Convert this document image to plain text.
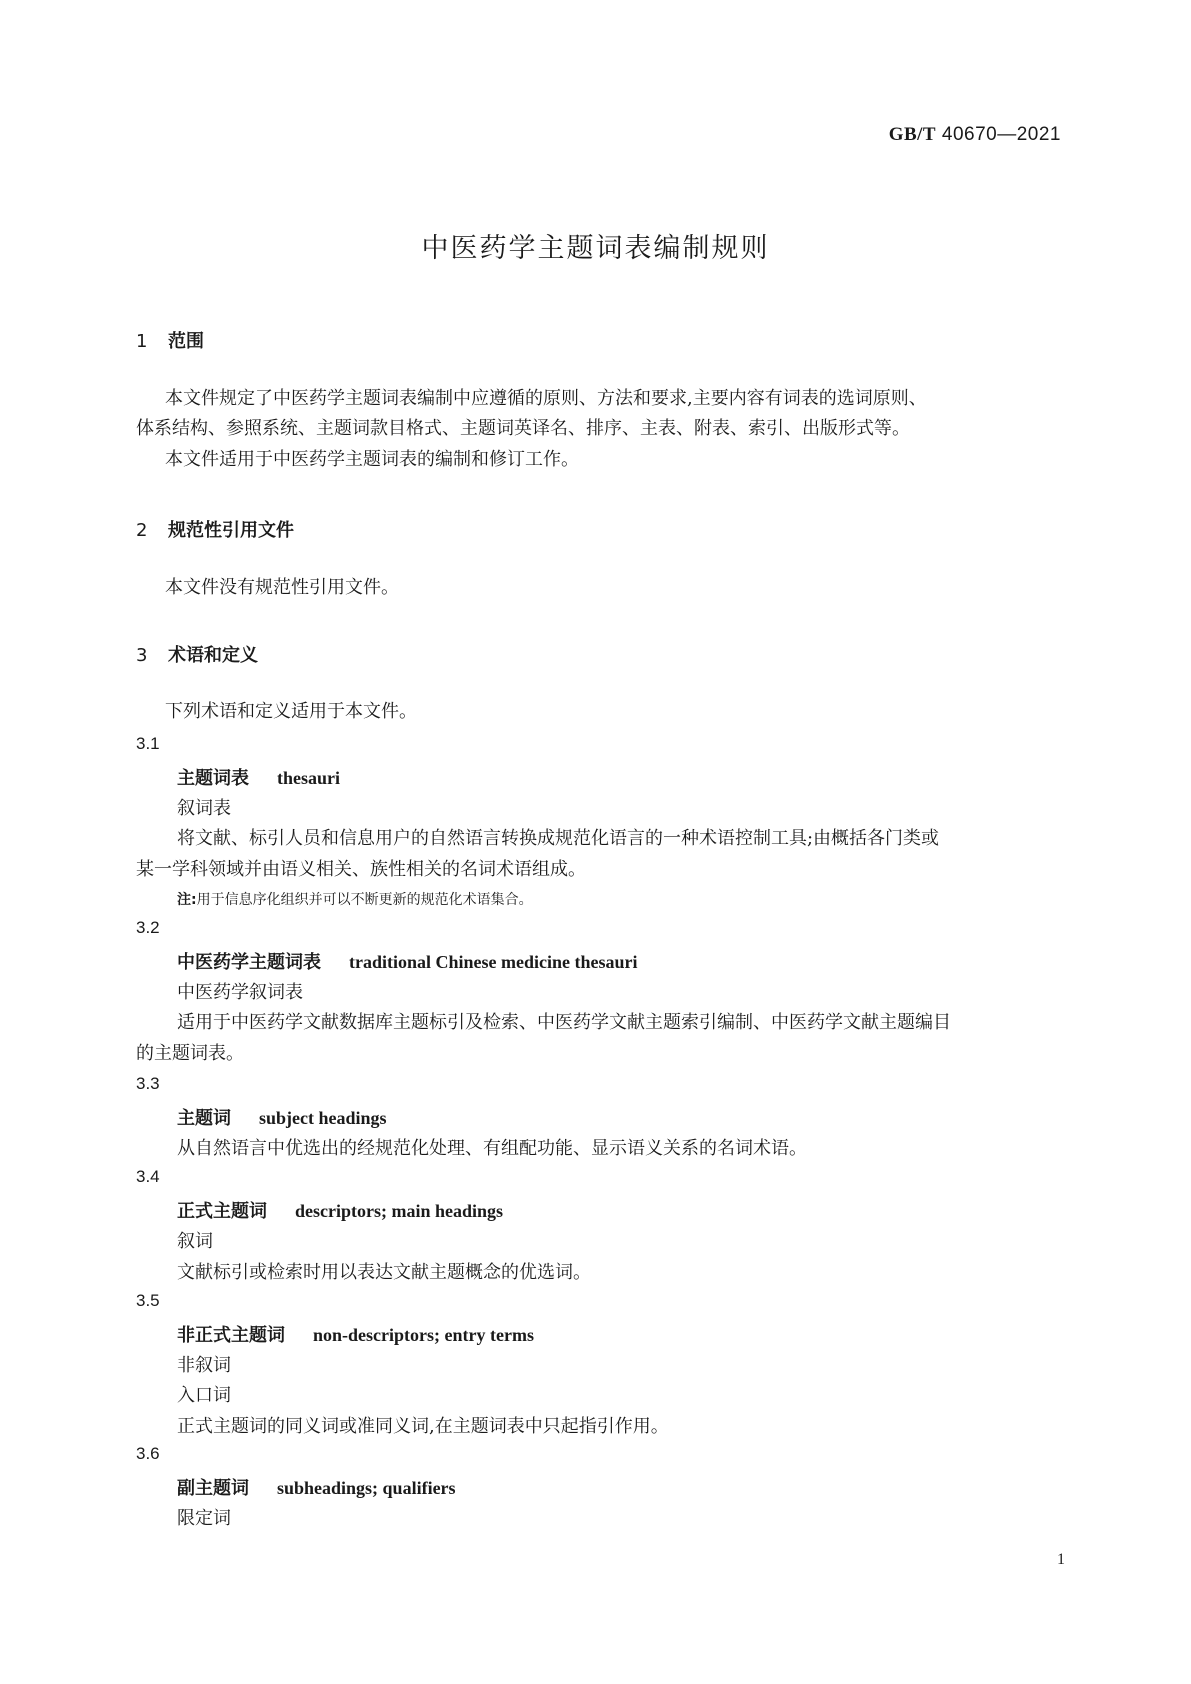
GB/T 40670—2021
中医药学主题词表编制规则
1 范围
本文件规定了中医药学主题词表编制中应遵循的原则、方法和要求,主要内容有词表的选词原则、
体系结构、参照系统、主题词款目格式、主题词英译名、排序、主表、附表、索引、出版形式等。
本文件适用于中医药学主题词表的编制和修订工作。
2 规范性引用文件
本文件没有规范性引用文件。
3 术语和定义
下列术语和定义适用于本文件。
3.1
主题词表 thesauri
叙词表
将文献、标引人员和信息用户的自然语言转换成规范化语言的一种术语控制工具;由概括各门类或
某一学科领域并由语义相关、族性相关的名词术语组成。
注:用于信息序化组织并可以不断更新的规范化术语集合。
3.2
中医药学主题词表 traditional Chinese medicine thesauri
中医药学叙词表
适用于中医药学文献数据库主题标引及检索、中医药学文献主题索引编制、中医药学文献主题编目
的主题词表。
3.3
主题词 subject headings
从自然语言中优选出的经规范化处理、有组配功能、显示语义关系的名词术语。
3.4
正式主题词 descriptors; main headings
叙词
文献标引或检索时用以表达文献主题概念的优选词。
3.5
非正式主题词 non-descriptors; entry terms
非叙词
入口词
正式主题词的同义词或准同义词,在主题词表中只起指引作用。
3.6
副主题词 subheadings; qualifiers
限定词
1
